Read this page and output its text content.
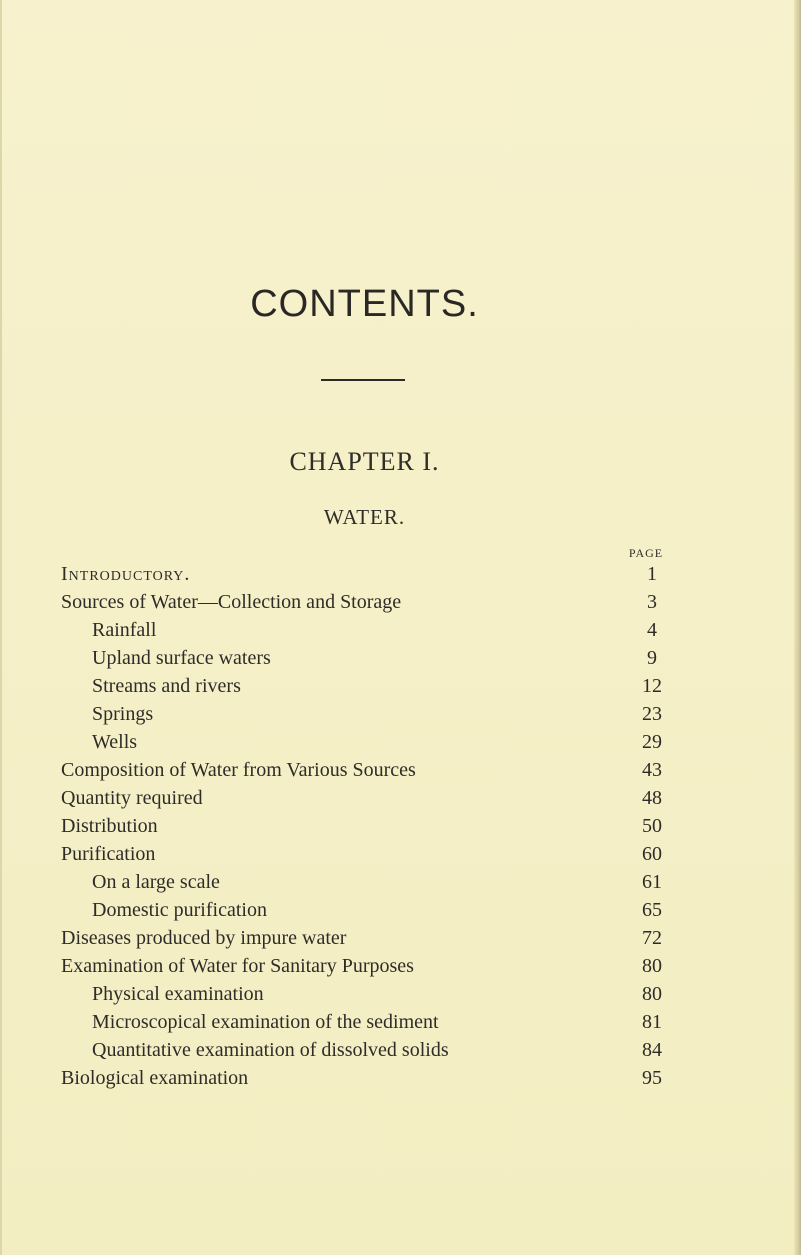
CONTENTS.
CHAPTER I.
WATER.
PAGE
Introductory.	1
Sources of Water—Collection and Storage	3
Rainfall	4
Upland surface waters	9
Streams and rivers	12
Springs	23
Wells	29
Composition of Water from Various Sources	43
Quantity required	48
Distribution	50
Purification	60
On a large scale	61
Domestic purification	65
Diseases produced by impure water	72
Examination of Water for Sanitary Purposes	80
Physical examination	80
Microscopical examination of the sediment	81
Quantitative examination of dissolved solids	84
Biological examination	95
